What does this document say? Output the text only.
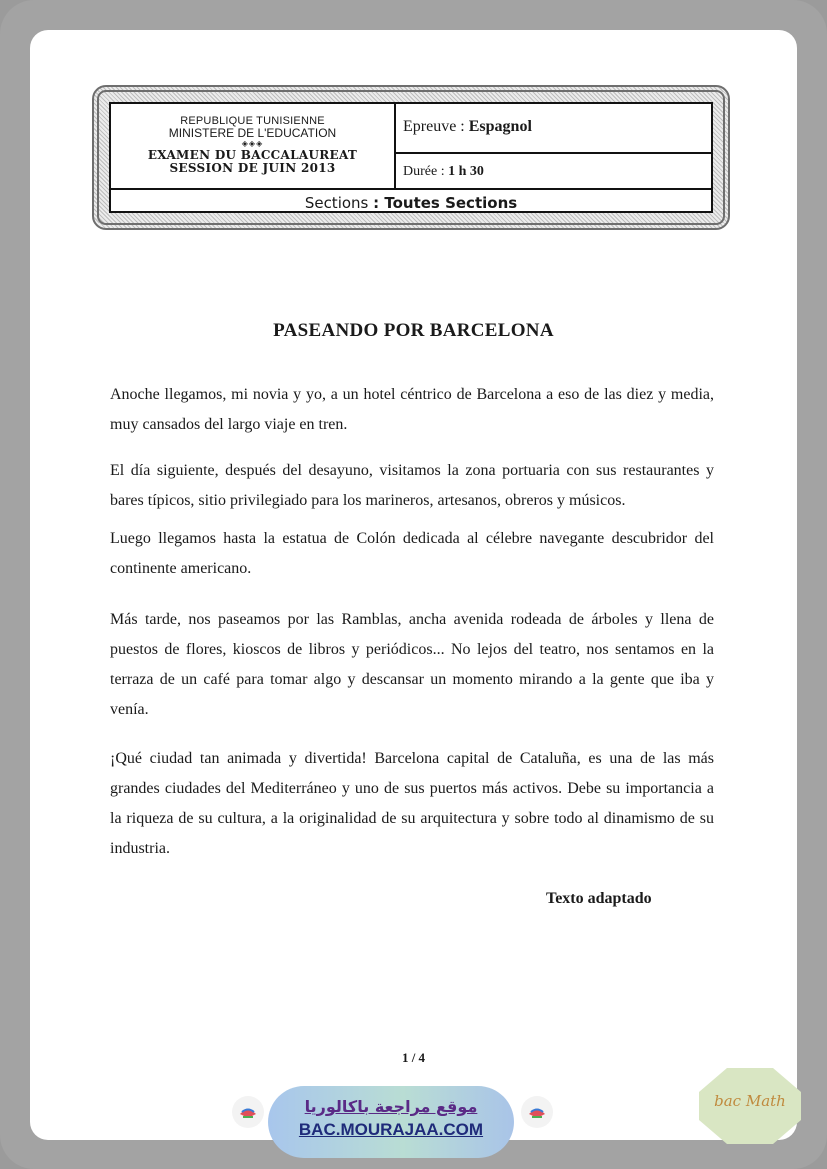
REPUBLIQUE TUNISIENNE
MINISTERE DE L'EDUCATION
◈◈◈
EXAMEN DU BACCALAUREAT
SESSION DE JUIN 2013
Epreuve : Espagnol
Durée : 1 h 30
Sections : Toutes Sections
PASEANDO POR BARCELONA

Anoche llegamos, mi novia y yo, a un hotel céntrico de Barcelona a eso de las diez y media, muy cansados del largo viaje en tren.

El día siguiente, después del desayuno, visitamos la zona portuaria con sus restaurantes y bares típicos, sitio privilegiado para los marineros, artesanos, obreros y músicos.

Luego llegamos hasta la estatua de Colón dedicada al célebre navegante descubridor del continente americano.

Más tarde, nos paseamos por las Ramblas, ancha avenida rodeada de árboles y llena de puestos de flores, kioscos de libros y periódicos... No lejos del teatro, nos sentamos en la terraza de un café para tomar algo y descansar un momento mirando a la gente que iba y venía.

¡Qué ciudad tan animada y divertida! Barcelona capital de Cataluña, es una de las más grandes ciudades del Mediterráneo y uno de sus puertos más activos. Debe su importancia a la riqueza de su cultura, a la originalidad de su arquitectura y sobre todo al dinamismo de su industria.

Texto adaptado
1 / 4
موقع مراجعة باكالوريا
BAC.MOURAJAA.COM
bac Math
